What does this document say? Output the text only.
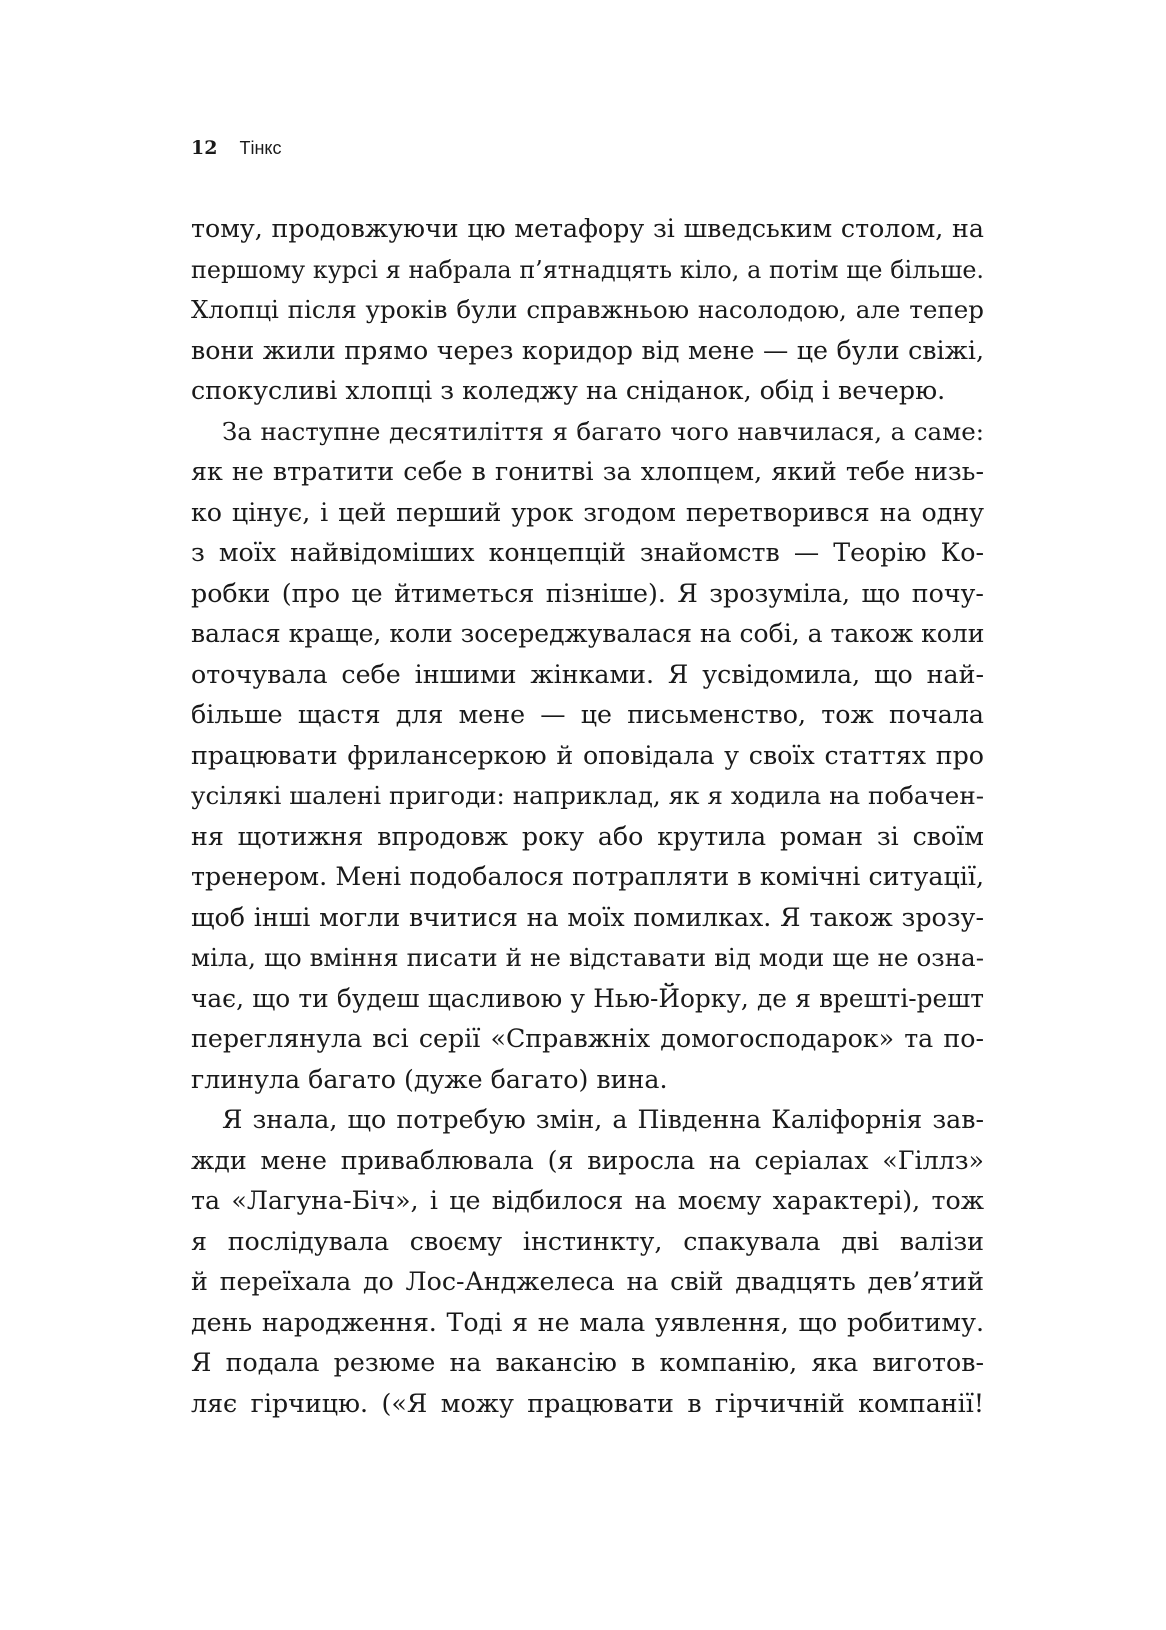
12 Тінкс
тому, продовжуючи цю метафору зі шведським столом, на
першому курсі я набрала п’ятнадцять кіло, а потім ще більше.
Хлопці після уроків були справжньою насолодою, але тепер
вони жили прямо через коридор від мене — це були свіжі,
спокусливі хлопці з коледжу на сніданок, обід і вечерю.
За наступне десятиліття я багато чого навчилася, а саме:
як не втратити себе в гонитві за хлопцем, який тебе низь-
ко цінує, і цей перший урок згодом перетворився на одну
з моїх найвідоміших концепцій знайомств — Теорію Ко-
робки (про це йтиметься пізніше). Я зрозуміла, що почу-
валася краще, коли зосереджувалася на собі, а також коли
оточувала себе іншими жінками. Я усвідомила, що най-
більше щастя для мене — це письменство, тож почала
працювати фрилансеркою й оповідала у своїх статтях про
усілякі шалені пригоди: наприклад, як я ходила на побачен-
ня щотижня впродовж року або крутила роман зі своїм
тренером. Мені подобалося потрапляти в комічні ситуації,
щоб інші могли вчитися на моїх помилках. Я також зрозу-
міла, що вміння писати й не відставати від моди ще не озна-
чає, що ти будеш щасливою у Нью-Йорку, де я врешті-решт
переглянула всі серії «Справжніх домогосподарок» та по-
глинула багато (дуже багато) вина.
Я знала, що потребую змін, а Південна Каліфорнія зав-
жди мене приваблювала (я виросла на серіалах «Гіллз»
та «Лагуна-Біч», і це відбилося на моєму характері), тож
я послідувала своєму інстинкту, спакувала дві валізи
й переїхала до Лос-Анджелеса на свій двадцять дев’ятий
день народження. Тоді я не мала уявлення, що робитиму.
Я подала резюме на вакансію в компанію, яка виготов-
ляє гірчицю. («Я можу працювати в гірчичній компанії!
